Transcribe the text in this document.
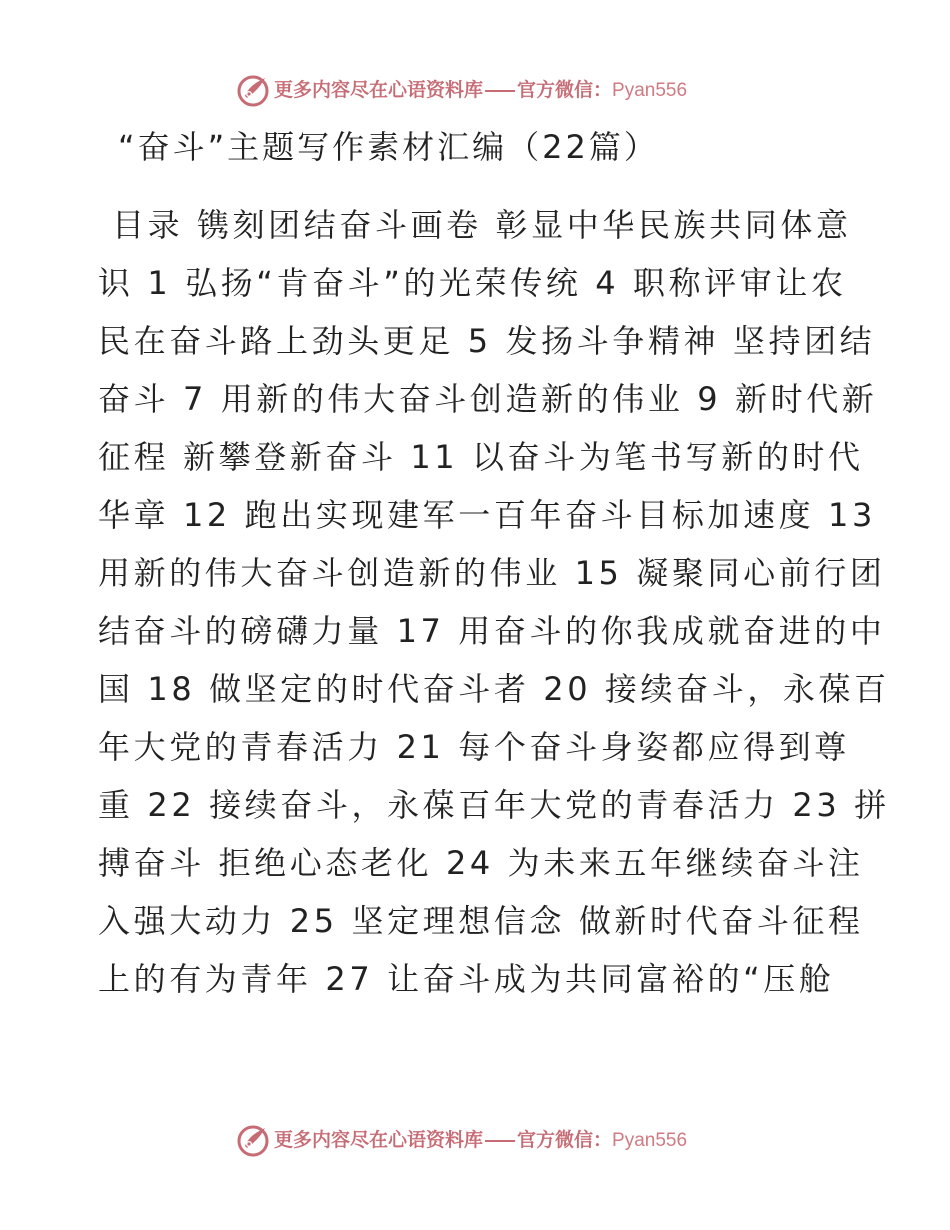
更多内容尽在心语资料库 官方微信：Pyan556
“奋斗”主题写作素材汇编（22篇）
目录 镌刻团结奋斗画卷 彰显中华民族共同体意
识 1 弘扬“肯奋斗”的光荣传统 4 职称评审让农
民在奋斗路上劲头更足 5 发扬斗争精神 坚持团结
奋斗 7 用新的伟大奋斗创造新的伟业 9 新时代新
征程 新攀登新奋斗 11 以奋斗为笔书写新的时代
华章 12 跑出实现建军一百年奋斗目标加速度 13
用新的伟大奋斗创造新的伟业 15 凝聚同心前行团
结奋斗的磅礴力量 17 用奋斗的你我成就奋进的中
国 18 做坚定的时代奋斗者 20 接续奋斗，永葆百
年大党的青春活力 21 每个奋斗身姿都应得到尊
重 22 接续奋斗，永葆百年大党的青春活力 23 拼
搏奋斗 拒绝心态老化 24 为未来五年继续奋斗注
入强大动力 25 坚定理想信念 做新时代奋斗征程
上的有为青年 27 让奋斗成为共同富裕的“压舱
更多内容尽在心语资料库 官方微信：Pyan556
